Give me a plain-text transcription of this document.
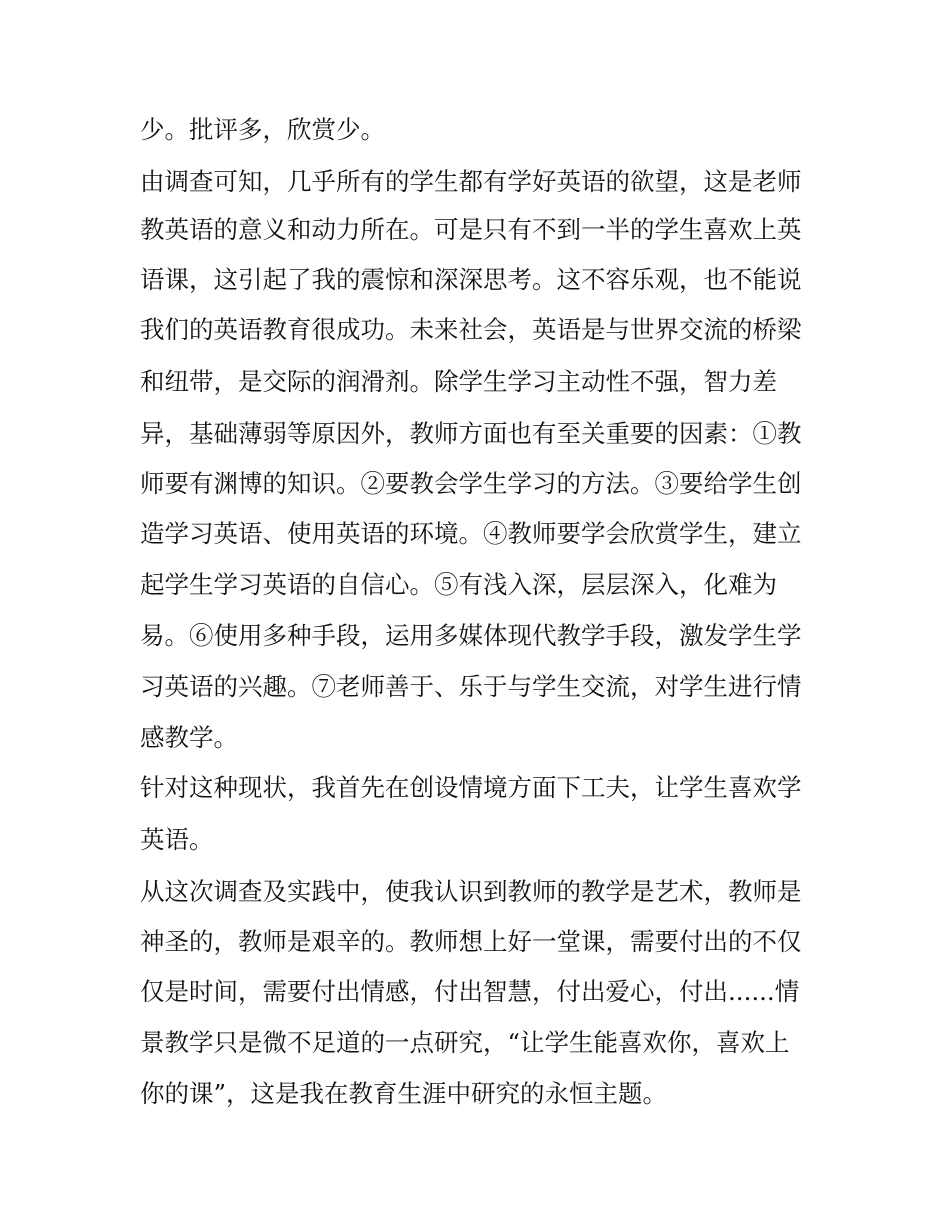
少。批评多，欣赏少。

由调查可知，几乎所有的学生都有学好英语的欲望，这是老师

教英语的意义和动力所在。可是只有不到一半的学生喜欢上英

语课，这引起了我的震惊和深深思考。这不容乐观，也不能说

我们的英语教育很成功。未来社会，英语是与世界交流的桥梁

和纽带，是交际的润滑剂。除学生学习主动性不强，智力差

异，基础薄弱等原因外，教师方面也有至关重要的因素：①教

师要有渊博的知识。②要教会学生学习的方法。③要给学生创

造学习英语、使用英语的环境。④教师要学会欣赏学生，建立

起学生学习英语的自信心。⑤有浅入深，层层深入，化难为

易。⑥使用多种手段，运用多媒体现代教学手段，激发学生学

习英语的兴趣。⑦老师善于、乐于与学生交流，对学生进行情

感教学。

针对这种现状，我首先在创设情境方面下工夫，让学生喜欢学

英语。

从这次调查及实践中，使我认识到教师的教学是艺术，教师是

神圣的，教师是艰辛的。教师想上好一堂课，需要付出的不仅

仅是时间，需要付出情感，付出智慧，付出爱心，付出......情

景教学只是微不足道的一点研究，“让学生能喜欢你，喜欢上

你的课”，这是我在教育生涯中研究的永恒主题。
